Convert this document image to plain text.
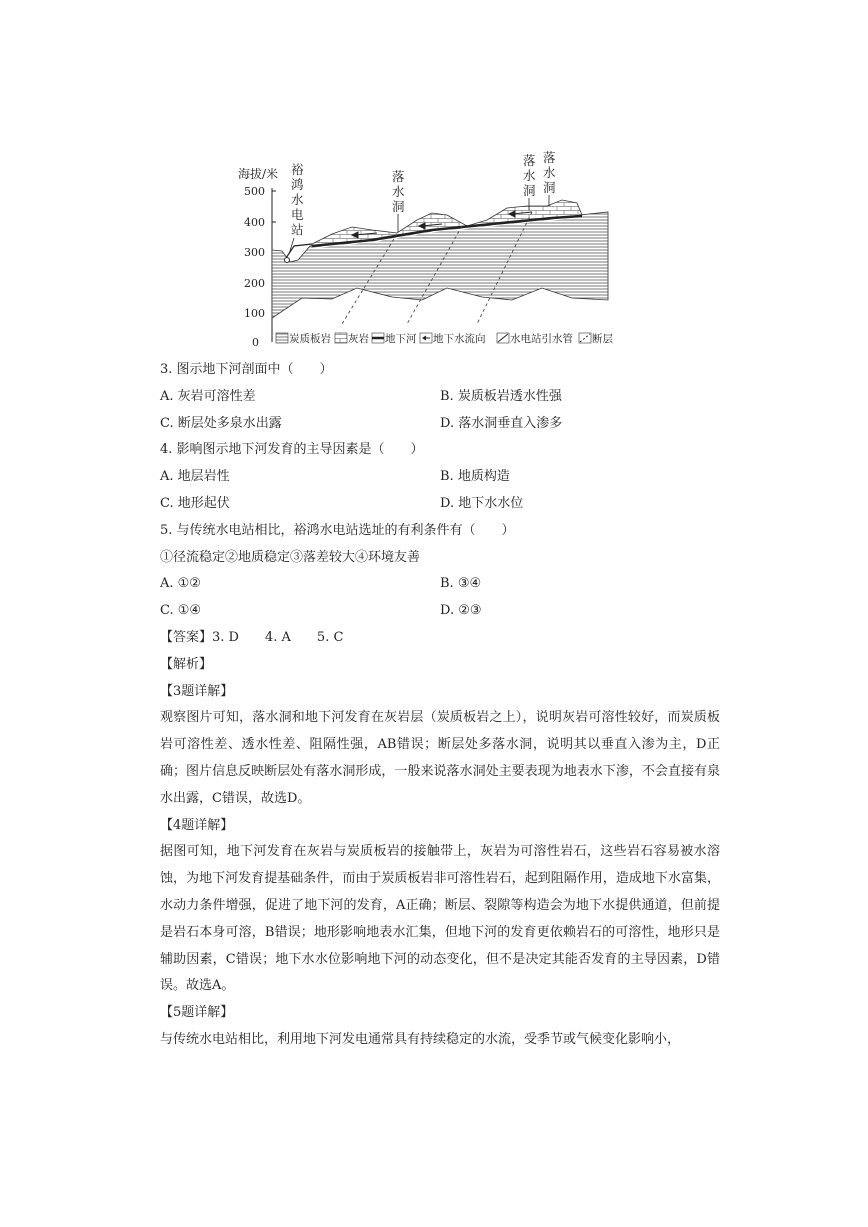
海拔/米
500
400
300
200
100
0
裕
鸿
水
电
站
落
水
洞
落
水
洞
落
水
洞
炭质板岩 灰岩 地下河 地下水流向 水电站引水管 断层
3. 图示地下河剖面中（　　）
A. 灰岩可溶性差	B. 炭质板岩透水性强
C. 断层处多泉水出露	D. 落水洞垂直入渗多
4. 影响图示地下河发育的主导因素是（　　）
A. 地层岩性	B. 地质构造
C. 地形起伏	D. 地下水水位
5. 与传统水电站相比，裕鸿水电站选址的有利条件有（　　）
①径流稳定②地质稳定③落差较大④环境友善
A. ①②	B. ③④
C. ①④	D. ②③
【答案】3. D 4. A 5. C
【解析】
【3题详解】
观察图片可知，落水洞和地下河发育在灰岩层（炭质板岩之上），说明灰岩可溶性较好，而炭质板岩可溶性差、透水性差、阻隔性强，AB错误；断层处多落水洞，说明其以垂直入渗为主，D正确；图片信息反映断层处有落水洞形成，一般来说落水洞处主要表现为地表水下渗，不会直接有泉水出露，C错误，故选D。
【4题详解】
据图可知，地下河发育在灰岩与炭质板岩的接触带上，灰岩为可溶性岩石，这些岩石容易被水溶蚀，为地下河发育提基础条件，而由于炭质板岩非可溶性岩石，起到阻隔作用，造成地下水富集，水动力条件增强，促进了地下河的发育，A正确；断层、裂隙等构造会为地下水提供通道，但前提是岩石本身可溶，B错误；地形影响地表水汇集，但地下河的发育更依赖岩石的可溶性，地形只是辅助因素，C错误；地下水水位影响地下河的动态变化，但不是决定其能否发育的主导因素，D错误。故选A。
【5题详解】
与传统水电站相比，利用地下河发电通常具有持续稳定的水流，受季节或气候变化影响小，
